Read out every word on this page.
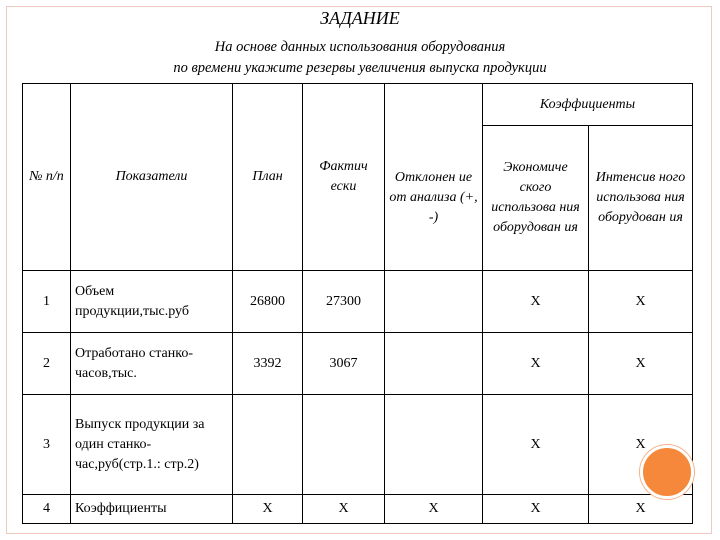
ЗАДАНИЕ
На основе данных использования оборудования
по времени укажите резервы увеличения выпуска продукции
№ п/п	Показатели	План	Фактич ески		Коэффициенты	
				Отклонен ие от анализа (+, -)	Экономиче ского использова ния оборудован ия	Интенсив ного использова ния оборудован ия
1	Объем продукции,тыс.руб	26800	27300		X	X
2	Отработано станко-часов,тыс.	3392	3067		X	X
3	Выпуск продукции за один станко-час,руб(стр.1.: стр.2)				X	X
4	Коэффициенты	X	X	X	X	X
